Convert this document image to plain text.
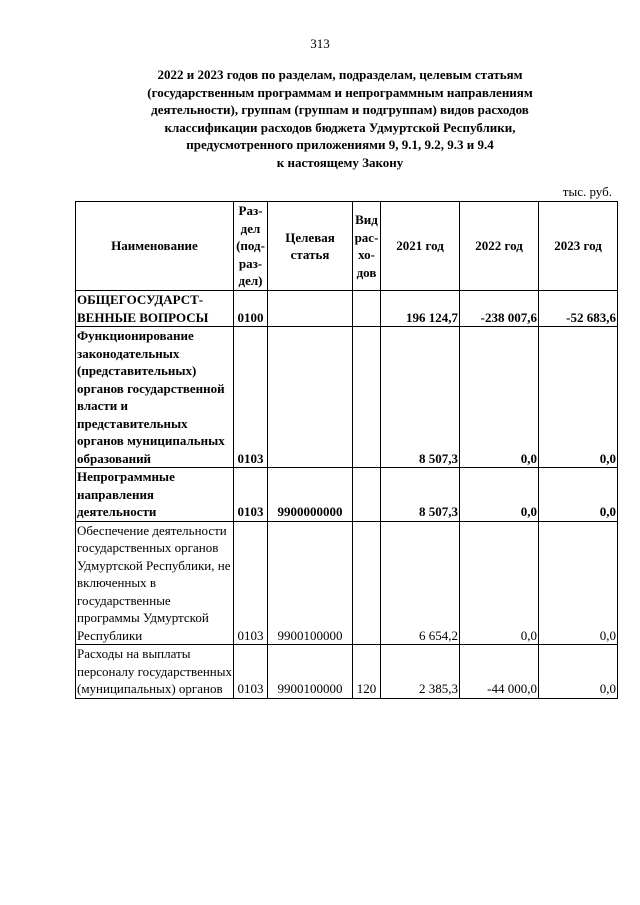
313
2022 и 2023 годов по разделам, подразделам, целевым статьям
(государственным программам и непрограммным направлениям
деятельности), группам (группам и подгруппам) видов расходов
классификации расходов бюджета Удмуртской Республики,
предусмотренного приложениями 9, 9.1, 9.2, 9.3 и 9.4
к настоящему Закону
тыс. руб.
Наименование	Раз-дел (под-раз-дел)	Целевая статья	Вид рас-хо-дов	2021 год	2022 год	2023 год
ОБЩЕГОСУДАРСТ-ВЕННЫЕ ВОПРОСЫ	0100			196 124,7	-238 007,6	-52 683,6
Функционирование законодательных (представительных) органов государственной власти и представительных органов муниципальных образований	0103			8 507,3	0,0	0,0
Непрограммные направления деятельности	0103	9900000000		8 507,3	0,0	0,0
Обеспечение деятельности государственных органов Удмуртской Республики, не включенных в государственные программы Удмуртской Республики	0103	9900100000		6 654,2	0,0	0,0
Расходы на выплаты персоналу государственных (муниципальных) органов	0103	9900100000	120	2 385,3	-44 000,0	0,0
